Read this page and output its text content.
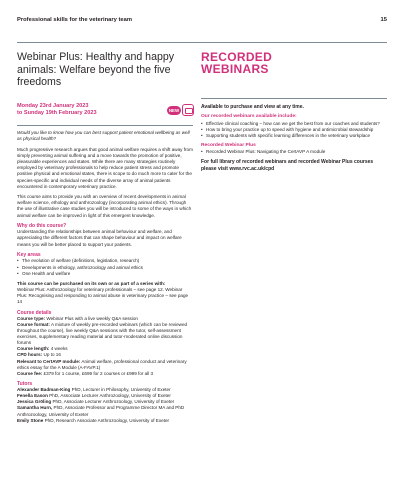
Professional skills for the veterinary team	15
Webinar Plus: Healthy and happy
animals: Welfare beyond the five
freedoms
Monday 23rd January 2023
to Sunday 19th February 2023	NEW

Would you like to know how you can best support patient emotional wellbeing as well as physical health?

Much progressive research argues that good animal welfare requires a shift away from simply preventing animal suffering and a move towards the promotion of positive, pleasurable experiences and states. While there are many strategies routinely employed by veterinary professionals to help reduce patient stress and promote positive physical and emotional states, there is scope to do much more to cater for the species-specific and individual needs of the diverse array of animal patients encountered in contemporary veterinary practice.

This course aims to provide you with an overview of recent developments in animal welfare science, ethology and anthrozoology (incorporating animal ethics). Through the use of illustrative case studies you will be introduced to some of the ways in which animal welfare can be improved in light of this emergent knowledge.

Why do this course?

Understanding the relationships between animal behaviour and welfare, and appreciating the different factors that can shape behaviour and impact on welfare means you will be better placed to support your patients.

Key areas
• The evolution of welfare (definitions, legislation, research)
• Developments in ethology, anthrozoology and animal ethics
• One Health and welfare
This course can be purchased on its own or as part of a series with:

Webinar Plus: Anthrozoology for veterinary professionals – see page 12. Webinar Plus: Recognising and responding to animal abuse in veterinary practice – see page 14

Course details
Course type: Webinar Plus with a live weekly Q&A session
Course format: A mixture of weekly pre-recorded webinars (which can be reviewed throughout the course), live weekly Q&A sessions with the tutor, self-assessment exercises, supplementary reading material and tutor-moderated online discussion forums
Course length: 4 weeks
CPD hours: Up to 16
Relevant to CertAVP module: Animal welfare, professional conduct and veterinary ethics essay for the A Module (A-FAVP.1)
Course fee: £379 for 1 course, £699 for 2 courses or £999 for all 3
Tutors
Alexander Badman-King PhD, Lecturer in Philosophy, University of Exeter
Fenella Eason PhD, Associate Lecturer Anthrozoology, University of Exeter
Jessica Gröling PhD, Associate Lecturer Anthrozoology, University of Exeter
Samantha Hurn, PhD, Associate Professor and Programme Director MA and PhD Anthrozoology, University of Exeter
Emily Stone PhD, Research Associate Anthrozoology, University of Exeter
RECORDED
WEBINARS
Available to purchase and view at any time.
Our recorded webinars available include:
• Effective clinical coaching – how can we get the best from our coaches and students?
• How to bring your practice up to speed with hygiene and antimicrobial stewardship
• Supporting students with specific learning differences in the veterinary workplace
Recorded Webinar Plus
• Recorded Webinar Plus: Navigating the CertAVP A module
For full library of recorded webinars and recorded Webinar Plus courses please visit www.rvc.ac.uk/cpd
